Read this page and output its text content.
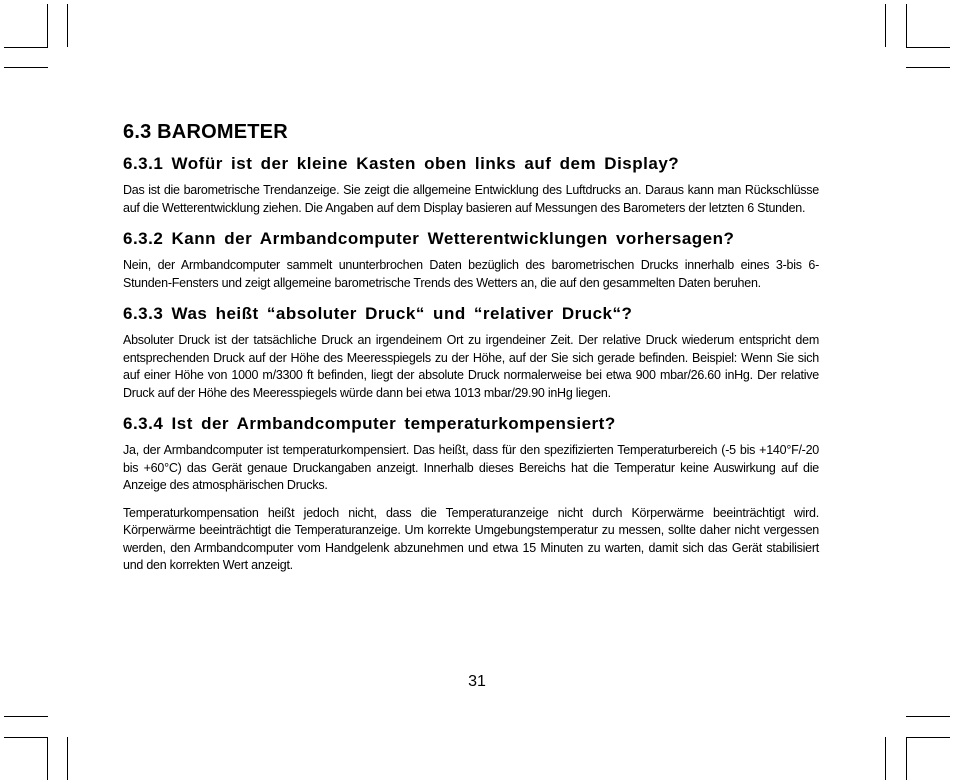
6.3 BAROMETER
6.3.1 Wofür ist der kleine Kasten oben links auf dem Display?

Das ist die barometrische Trendanzeige. Sie zeigt die allgemeine Entwicklung des Luftdrucks an. Daraus kann man Rückschlüsse auf die Wetterentwicklung ziehen. Die Angaben auf dem Display basieren auf Messungen des Barometers der letzten 6 Stunden.

6.3.2 Kann der Armbandcomputer Wetterentwicklungen vorhersagen?

Nein, der Armbandcomputer sammelt ununterbrochen Daten bezüglich des barometrischen Drucks innerhalb eines 3-bis 6-Stunden-Fensters und zeigt allgemeine barometrische Trends des Wetters an, die auf den gesammelten Daten beruhen.

6.3.3 Was heißt “absoluter Druck“ und “relativer Druck“?

Absoluter Druck ist der tatsächliche Druck an irgendeinem Ort zu irgendeiner Zeit. Der relative Druck wiederum entspricht dem entsprechenden Druck auf der Höhe des Meeresspiegels zu der Höhe, auf der Sie sich gerade befinden. Beispiel: Wenn Sie sich auf einer Höhe von 1000 m/3300 ft befinden, liegt der absolute Druck normalerweise bei etwa 900 mbar/26.60 inHg. Der relative Druck auf der Höhe des Meeresspiegels würde dann bei etwa 1013 mbar/29.90 inHg liegen.

6.3.4 Ist der Armbandcomputer temperaturkompensiert?

Ja, der Armbandcomputer ist temperaturkompensiert. Das heißt, dass für den spezifizierten Temperaturbereich (-5 bis +140°F/-20 bis +60°C) das Gerät genaue Druckangaben anzeigt. Innerhalb dieses Bereichs hat die Temperatur keine Auswirkung auf die Anzeige des atmosphärischen Drucks.

Temperaturkompensation heißt jedoch nicht, dass die Temperaturanzeige nicht durch Körperwärme beeinträchtigt wird. Körperwärme beeinträchtigt die Temperaturanzeige. Um korrekte Umgebungstemperatur zu messen, sollte daher nicht vergessen werden, den Armbandcomputer vom Handgelenk abzunehmen und etwa 15 Minuten zu warten, damit sich das Gerät stabilisiert und den korrekten Wert anzeigt.

31
